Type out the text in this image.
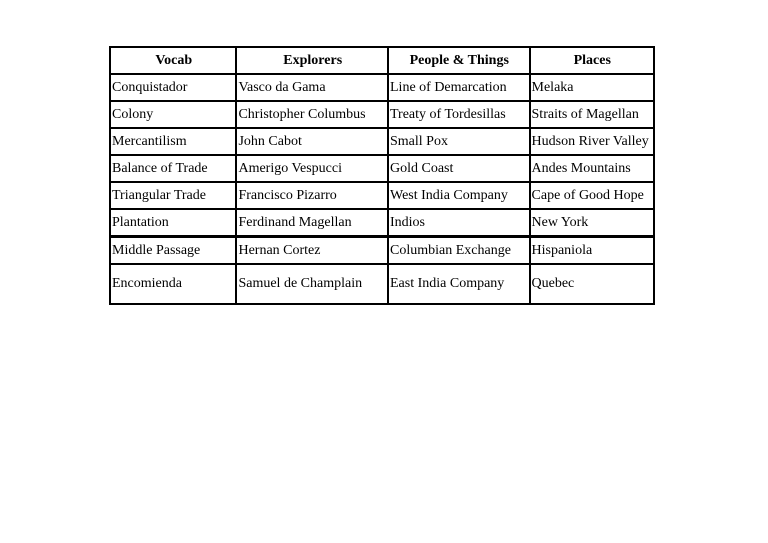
Vocab	Explorers	People & Things	Places
Conquistador	Vasco da Gama	Line of Demarcation	Melaka
Colony	Christopher Columbus	Treaty of Tordesillas	Straits of Magellan
Mercantilism	John Cabot	Small Pox	Hudson River Valley
Balance of Trade	Amerigo Vespucci	Gold Coast	Andes Mountains
Triangular Trade	Francisco Pizarro	West India Company	Cape of Good Hope
Plantation	Ferdinand Magellan	Indios	New York
Middle Passage	Hernan Cortez	Columbian Exchange	Hispaniola
Encomienda	Samuel de Champlain	East India Company	Quebec
